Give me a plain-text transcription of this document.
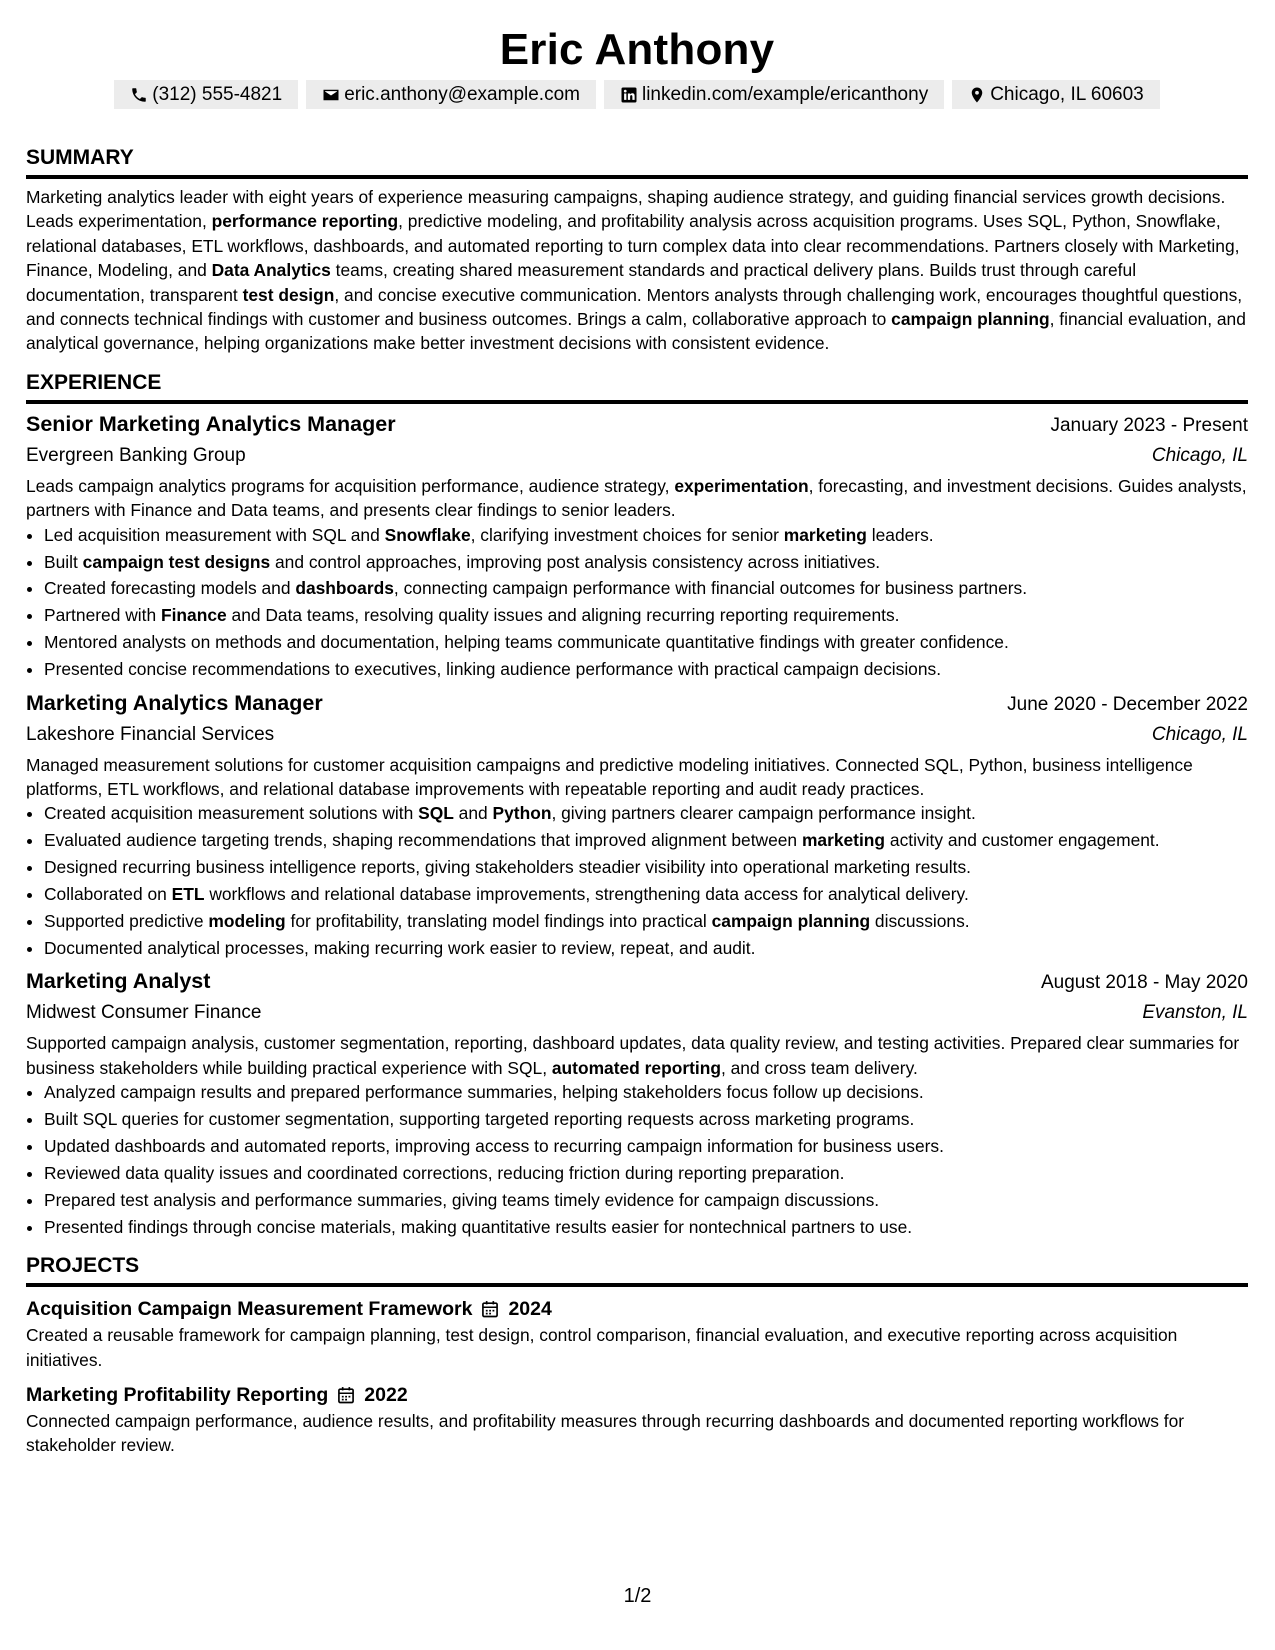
Eric Anthony
(312) 555-4821	eric.anthony@example.com	linkedin.com/example/ericanthony	Chicago, IL 60603
SUMMARY

Marketing analytics leader with eight years of experience measuring campaigns, shaping audience strategy, and guiding financial services growth decisions. Leads experimentation, performance reporting, predictive modeling, and profitability analysis across acquisition programs. Uses SQL, Python, Snowflake, relational databases, ETL workflows, dashboards, and automated reporting to turn complex data into clear recommendations. Partners closely with Marketing, Finance, Modeling, and Data Analytics teams, creating shared measurement standards and practical delivery plans. Builds trust through careful documentation, transparent test design, and concise executive communication. Mentors analysts through challenging work, encourages thoughtful questions, and connects technical findings with customer and business outcomes. Brings a calm, collaborative approach to campaign planning, financial evaluation, and analytical governance, helping organizations make better investment decisions with consistent evidence.

EXPERIENCE
Senior Marketing Analytics Manager	January 2023 - Present
Evergreen Banking Group	Chicago, IL

Leads campaign analytics programs for acquisition performance, audience strategy, experimentation, forecasting, and investment decisions. Guides analysts, partners with Finance and Data teams, and presents clear findings to senior leaders.

• Led acquisition measurement with SQL and Snowflake, clarifying investment choices for senior marketing leaders.
• Built campaign test designs and control approaches, improving post analysis consistency across initiatives.
• Created forecasting models and dashboards, connecting campaign performance with financial outcomes for business partners.
• Partnered with Finance and Data teams, resolving quality issues and aligning recurring reporting requirements.
• Mentored analysts on methods and documentation, helping teams communicate quantitative findings with greater confidence.
• Presented concise recommendations to executives, linking audience performance with practical campaign decisions.
Marketing Analytics Manager	June 2020 - December 2022
Lakeshore Financial Services	Chicago, IL

Managed measurement solutions for customer acquisition campaigns and predictive modeling initiatives. Connected SQL, Python, business intelligence platforms, ETL workflows, and relational database improvements with repeatable reporting and audit ready practices.

• Created acquisition measurement solutions with SQL and Python, giving partners clearer campaign performance insight.
• Evaluated audience targeting trends, shaping recommendations that improved alignment between marketing activity and customer engagement.
• Designed recurring business intelligence reports, giving stakeholders steadier visibility into operational marketing results.
• Collaborated on ETL workflows and relational database improvements, strengthening data access for analytical delivery.
• Supported predictive modeling for profitability, translating model findings into practical campaign planning discussions.
• Documented analytical processes, making recurring work easier to review, repeat, and audit.
Marketing Analyst	August 2018 - May 2020
Midwest Consumer Finance	Evanston, IL

Supported campaign analysis, customer segmentation, reporting, dashboard updates, data quality review, and testing activities. Prepared clear summaries for business stakeholders while building practical experience with SQL, automated reporting, and cross team delivery.

• Analyzed campaign results and prepared performance summaries, helping stakeholders focus follow up decisions.
• Built SQL queries for customer segmentation, supporting targeted reporting requests across marketing programs.
• Updated dashboards and automated reports, improving access to recurring campaign information for business users.
• Reviewed data quality issues and coordinated corrections, reducing friction during reporting preparation.
• Prepared test analysis and performance summaries, giving teams timely evidence for campaign discussions.
• Presented findings through concise materials, making quantitative results easier for nontechnical partners to use.
PROJECTS
Acquisition Campaign Measurement Framework 2024

Created a reusable framework for campaign planning, test design, control comparison, financial evaluation, and executive reporting across acquisition initiatives.

Marketing Profitability Reporting 2022

Connected campaign performance, audience results, and profitability measures through recurring dashboards and documented reporting workflows for stakeholder review.

1/2
